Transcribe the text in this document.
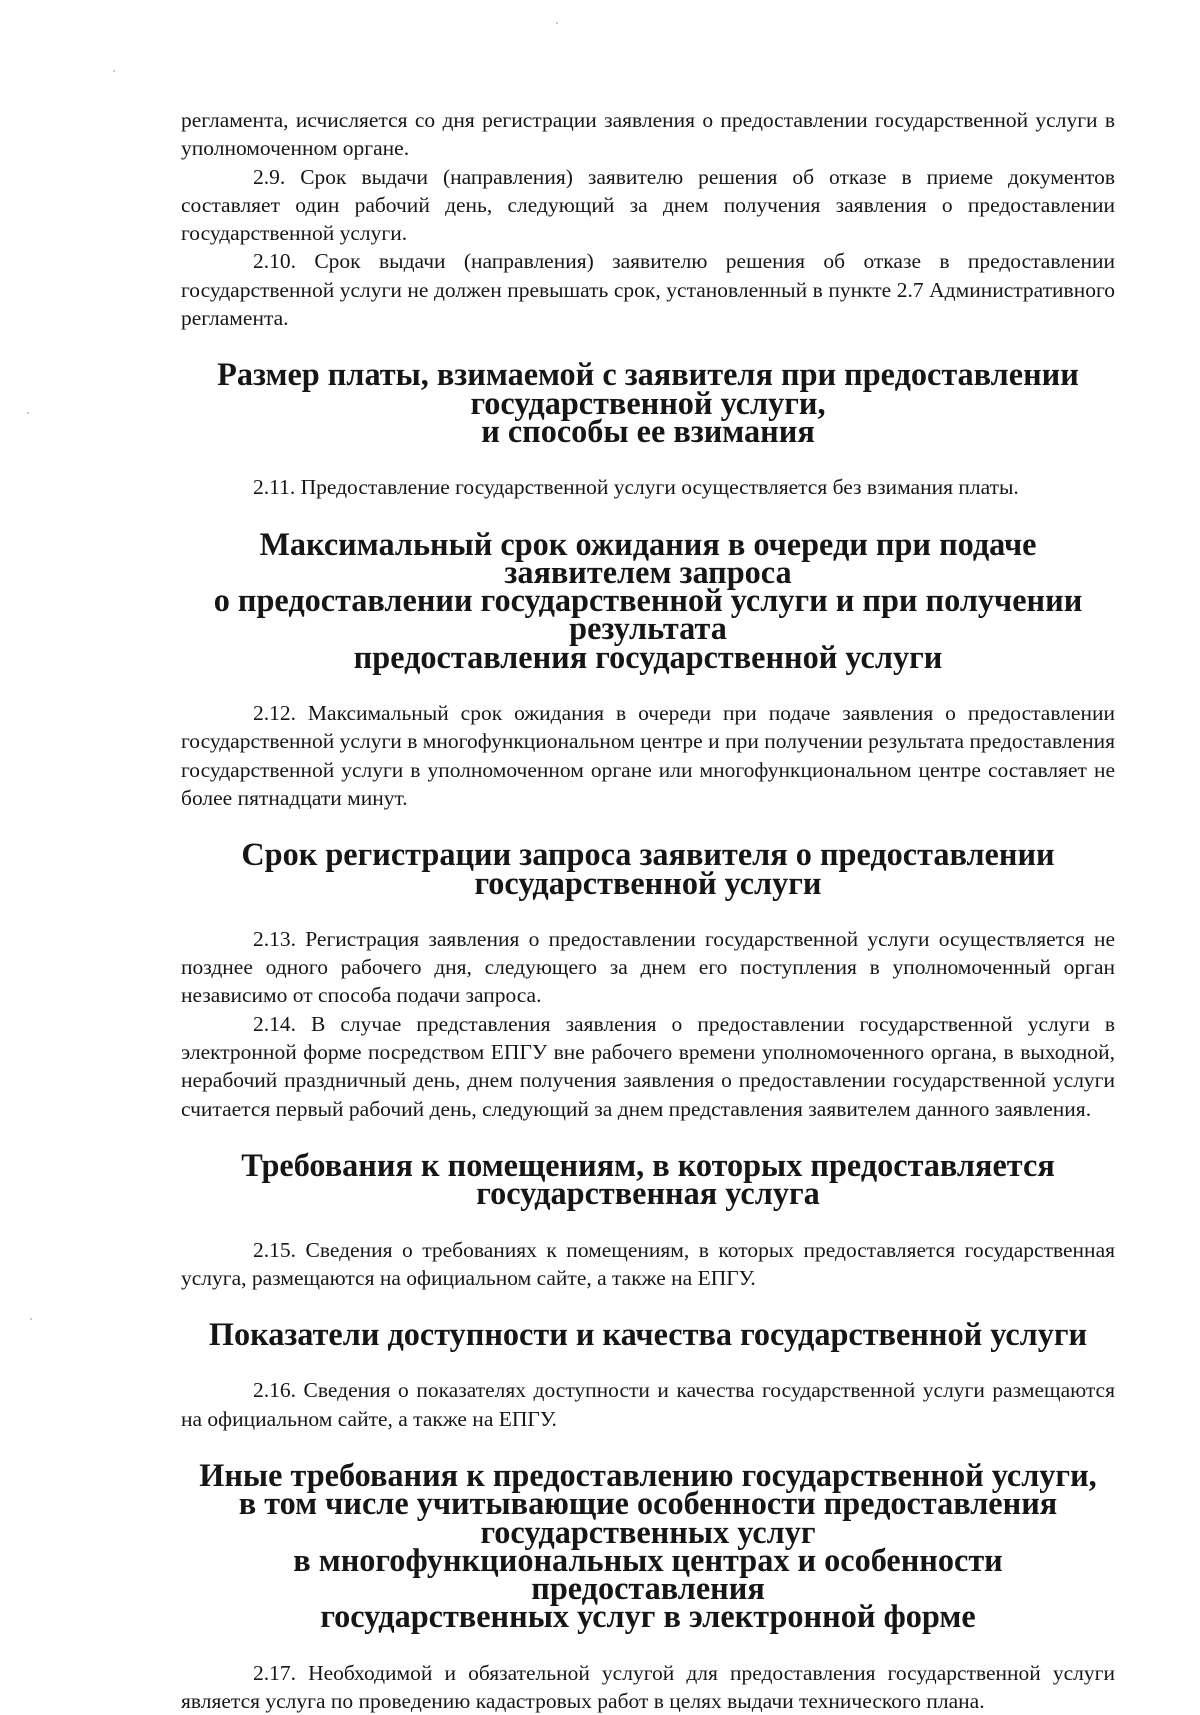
регламента, исчисляется со дня регистрации заявления о предоставлении государственной услуги в уполномоченном органе.

2.9. Срок выдачи (направления) заявителю решения об отказе в приеме документов составляет один рабочий день, следующий за днем получения заявления о предоставлении государственной услуги.

2.10. Срок выдачи (направления) заявителю решения об отказе в предоставлении государственной услуги не должен превышать срок, установленный в пункте 2.7 Административного регламента.

Размер платы, взимаемой с заявителя при предоставлении государственной услуги,
и способы ее взимания

2.11. Предоставление государственной услуги осуществляется без взимания платы.

Максимальный срок ожидания в очереди при подаче заявителем запроса
о предоставлении государственной услуги и при получении результата
предоставления государственной услуги

2.12. Максимальный срок ожидания в очереди при подаче заявления о предоставлении государственной услуги в многофункциональном центре и при получении результата предоставления государственной услуги в уполномоченном органе или многофункциональном центре составляет не более пятнадцати минут.

Срок регистрации запроса заявителя о предоставлении государственной услуги

2.13. Регистрация заявления о предоставлении государственной услуги осуществляется не позднее одного рабочего дня, следующего за днем его поступления в уполномоченный орган независимо от способа подачи запроса.

2.14. В случае представления заявления о предоставлении государственной услуги в электронной форме посредством ЕПГУ вне рабочего времени уполномоченного органа, в выходной, нерабочий праздничный день, днем получения заявления о предоставлении государственной услуги считается первый рабочий день, следующий за днем представления заявителем данного заявления.

Требования к помещениям, в которых предоставляется государственная услуга

2.15. Сведения о требованиях к помещениям, в которых предоставляется государственная услуга, размещаются на официальном сайте, а также на ЕПГУ.

Показатели доступности и качества государственной услуги

2.16. Сведения о показателях доступности и качества государственной услуги размещаются на официальном сайте, а также на ЕПГУ.

Иные требования к предоставлению государственной услуги,
в том числе учитывающие особенности предоставления государственных услуг
в многофункциональных центрах и особенности предоставления
государственных услуг в электронной форме

2.17. Необходимой и обязательной услугой для предоставления государственной услуги является услуга по проведению кадастровых работ в целях выдачи технического плана.
